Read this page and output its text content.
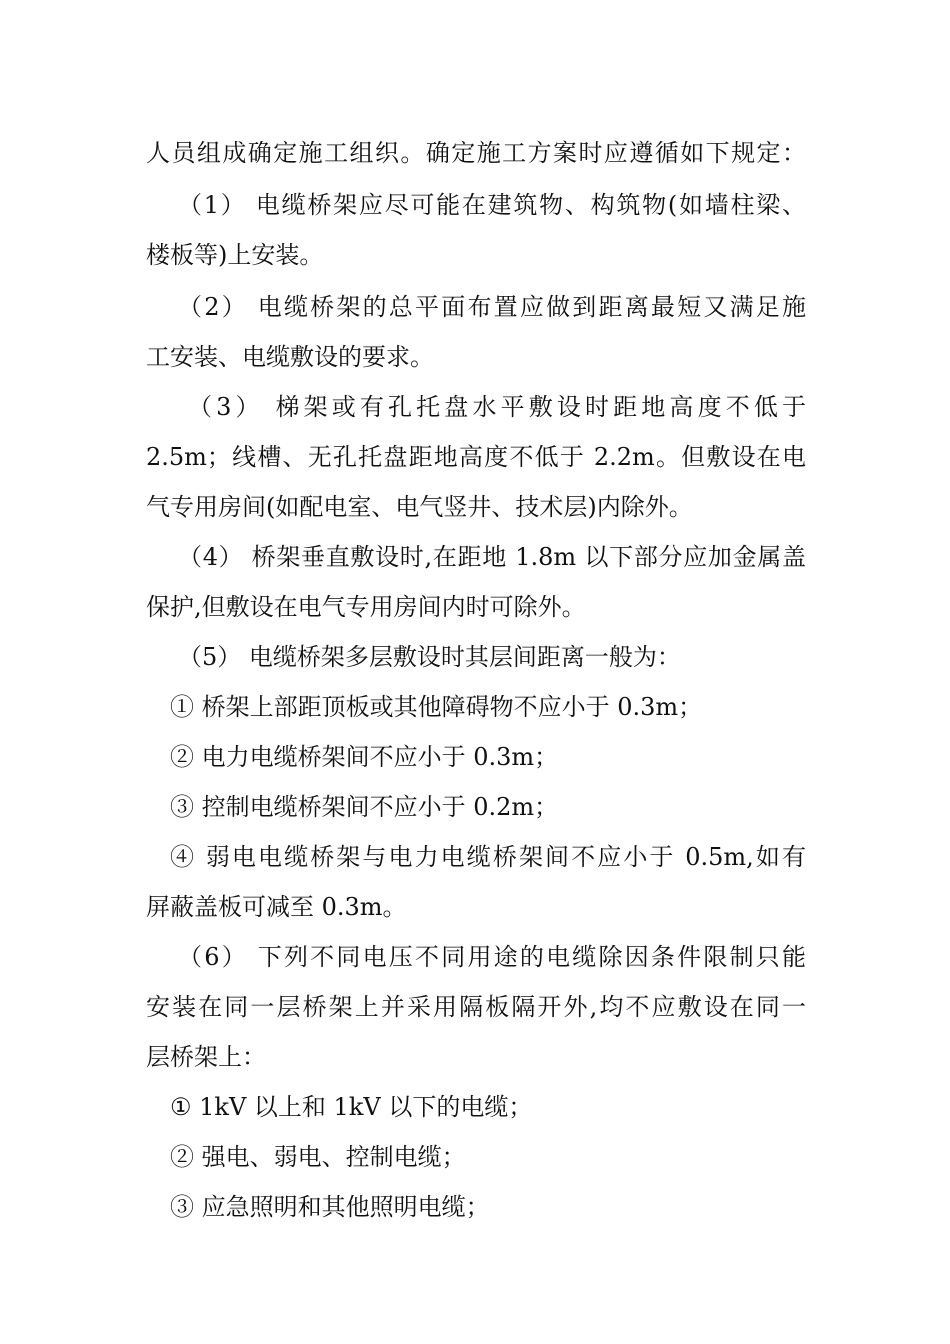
人员组成确定施工组织。确定施工方案时应遵循如下规定：
（1） 电缆桥架应尽可能在建筑物、构筑物(如墙柱梁、
楼板等)上安装。
（2） 电缆桥架的总平面布置应做到距离最短又满足施
工安装、电缆敷设的要求。
（3） 梯架或有孔托盘水平敷设时距地高度不低于
2.5m；线槽、无孔托盘距地高度不低于 2.2m。但敷设在电
气专用房间(如配电室、电气竖井、技术层)内除外。
（4） 桥架垂直敷设时,在距地 1.8m 以下部分应加金属盖
保护,但敷设在电气专用房间内时可除外。
（5） 电缆桥架多层敷设时其层间距离一般为：
① 桥架上部距顶板或其他障碍物不应小于 0.3m；
② 电力电缆桥架间不应小于 0.3m；
③ 控制电缆桥架间不应小于 0.2m；
④ 弱电电缆桥架与电力电缆桥架间不应小于 0.5m,如有
屏蔽盖板可减至 0.3m。
（6） 下列不同电压不同用途的电缆除因条件限制只能
安装在同一层桥架上并采用隔板隔开外,均不应敷设在同一
层桥架上：
① 1kV 以上和 1kV 以下的电缆；
② 强电、弱电、控制电缆；
③ 应急照明和其他照明电缆；
